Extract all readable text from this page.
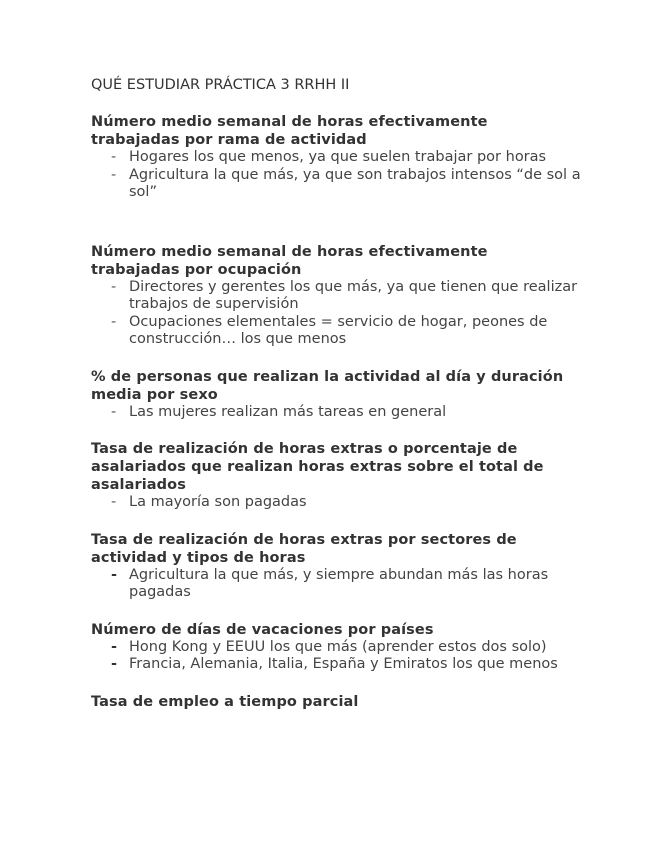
QUÉ ESTUDIAR PRÁCTICA 3 RRHH II

Número medio semanal de horas efectivamente trabajadas por rama de actividad

- Hogares los que menos, ya que suelen trabajar por horas
- Agricultura la que más, ya que son trabajos intensos “de sol a sol”

Número medio semanal de horas efectivamente trabajadas por ocupación

- Directores y gerentes los que más, ya que tienen que realizar trabajos de supervisión
- Ocupaciones elementales = servicio de hogar, peones de construcción… los que menos

% de personas que realizan la actividad al día y duración media por sexo

- Las mujeres realizan más tareas en general

Tasa de realización de horas extras o porcentaje de asalariados que realizan horas extras sobre el total de asalariados

- La mayoría son pagadas

Tasa de realización de horas extras por sectores de actividad y tipos de horas

- Agricultura la que más, y siempre abundan más las horas pagadas

Número de días de vacaciones por países

- Hong Kong y EEUU los que más (aprender estos dos solo)
- Francia, Alemania, Italia, España y Emiratos los que menos

Tasa de empleo a tiempo parcial
